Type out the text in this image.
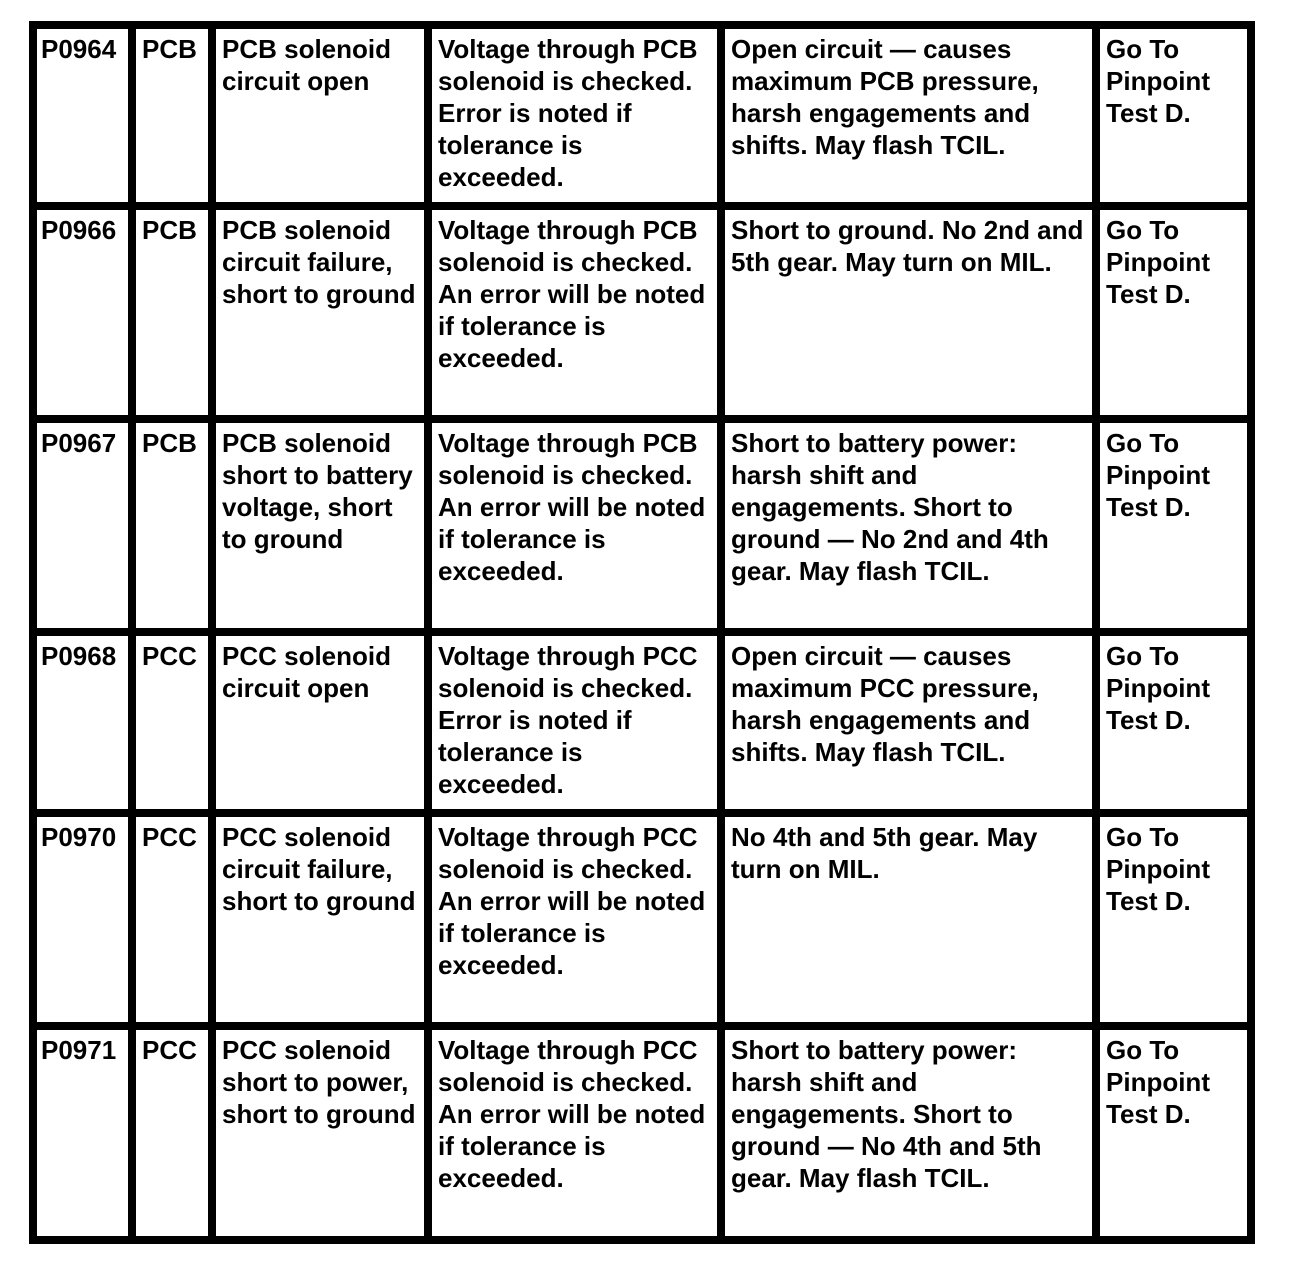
P0964	PCB	PCB solenoid circuit open	Voltage through PCB solenoid is checked. Error is noted if tolerance is exceeded.	Open circuit — causes maximum PCB pressure, harsh engagements and shifts. May flash TCIL.	Go To Pinpoint Test D.
P0966	PCB	PCB solenoid circuit failure, short to ground	Voltage through PCB solenoid is checked. An error will be noted if tolerance is exceeded.	Short to ground. No 2nd and 5th gear. May turn on MIL.	Go To Pinpoint Test D.
P0967	PCB	PCB solenoid short to battery voltage, short to ground	Voltage through PCB solenoid is checked. An error will be noted if tolerance is exceeded.	Short to battery power: harsh shift and engagements. Short to ground — No 2nd and 4th gear. May flash TCIL.	Go To Pinpoint Test D.
P0968	PCC	PCC solenoid circuit open	Voltage through PCC solenoid is checked. Error is noted if tolerance is exceeded.	Open circuit — causes maximum PCC pressure, harsh engagements and shifts. May flash TCIL.	Go To Pinpoint Test D.
P0970	PCC	PCC solenoid circuit failure, short to ground	Voltage through PCC solenoid is checked. An error will be noted if tolerance is exceeded.	No 4th and 5th gear. May turn on MIL.	Go To Pinpoint Test D.
P0971	PCC	PCC solenoid short to power, short to ground	Voltage through PCC solenoid is checked. An error will be noted if tolerance is exceeded.	Short to battery power: harsh shift and engagements. Short to ground — No 4th and 5th gear. May flash TCIL.	Go To Pinpoint Test D.
